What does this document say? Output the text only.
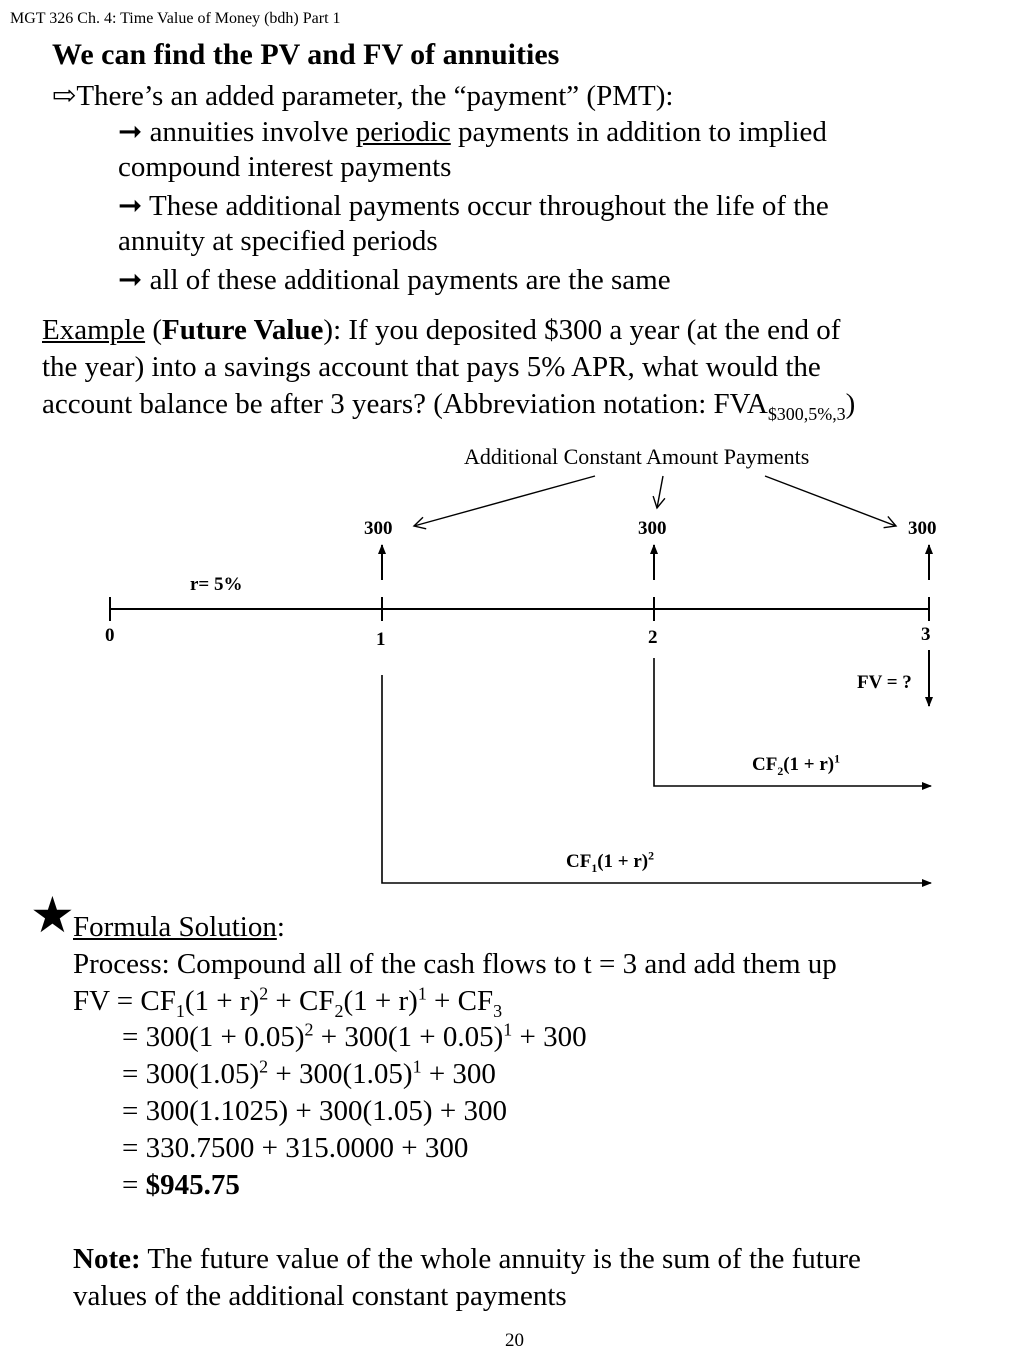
MGT 326 Ch. 4: Time Value of Money (bdh) Part 1
We can find the PV and FV of annuities
⇨There’s an added parameter, the “payment” (PMT):
➞ annuities involve periodic payments in addition to implied
compound interest payments
➞ These additional payments occur throughout the life of the
annuity at specified periods
➞ all of these additional payments are the same
Example (Future Value): If you deposited $300 a year (at the end of
the year) into a savings account that pays 5% APR, what would the
account balance be after 3 years? (Abbreviation notation: $FVA_{\$300,5\%,3}$)
Additional Constant Amount Payments
300	300	300
r= 5%
0	1	2	3
FV = ?
$CF_2(1 + r)^1$
$CF_1(1 + r)^2$
★
Formula Solution:
Process: Compound all of the cash flows to t = 3 and add them up
FV = $CF_1(1 + r)^2 + CF_2(1 + r)^1 + CF_3$
= $300(1 + 0.05)^2 + 300(1 + 0.05)^1 + 300$
= $300(1.05)^2 + 300(1.05)^1 + 300$
= 300(1.1025) + 300(1.05) + 300
= 330.7500 + 315.0000 + 300
= $945.75
Note: The future value of the whole annuity is the sum of the future
values of the additional constant payments
20
